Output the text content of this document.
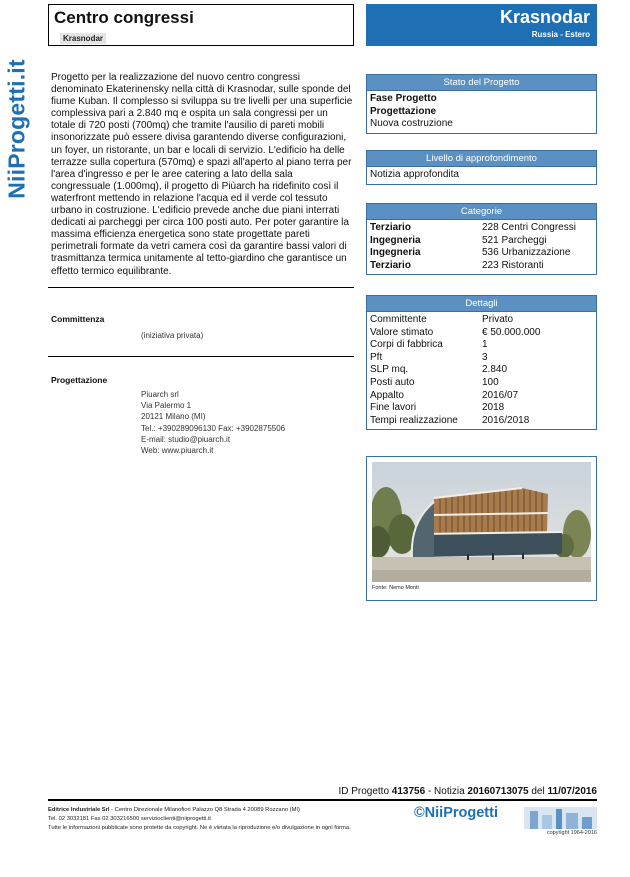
NiiProgetti.it
Centro congressi
Krasnodar
Krasnodar
Russia - Estero
Progetto per la realizzazione del nuovo centro congressi denominato Ekaterinensky nella città di Krasnodar, sulle sponde del fiume Kuban. Il complesso si sviluppa su tre livelli per una superficie complessiva pari a 2.840 mq e ospita un sala congressi per un totale di 720 posti (700mq) che tramite l'ausilio di pareti mobili insonorizzate può essere divisa garantendo diverse configurazioni, un foyer, un ristorante, un bar e locali di servizio. L'edificio ha delle terrazze sulla copertura (570mq) e spazi all'aperto al piano terra per l'area d'ingresso e per le aree catering a lato della sala congressuale (1.000mq), il progetto di Piùarch ha ridefinito così il waterfront mettendo in relazione l'acqua ed il verde col tessuto urbano in costruzione. L'edificio prevede anche due piani interrati dedicati ai parcheggi per circa 100 posti auto. Per poter garantire la massima efficienza energetica sono state progettate pareti perimetrali formate da vetri camera così da garantire bassi valori di trasmittanza termica unitamente al tetto-giardino che garantisce un effetto termico equilibrante.
Committenza
(iniziativa privata)
Progettazione
Piuarch srl
Via Palermo 1
20121 Milano (MI)
Tel.: +390289096130 Fax: +3902875506
E-mail: studio@piuarch.it
Web: www.piuarch.it
Stato del Progetto
Fase Progetto
Progettazione
Nuova costruzione
Livello di approfondimento
Notizia approfondita
Categorie
Terziario	228 Centri Congressi
Ingegneria	521 Parcheggi
Ingegneria	536 Urbanizzazione
Terziario	223 Ristoranti
Dettagli
Committente	Privato
Valore stimato	€ 50.000.000
Corpi di fabbrica	1
Pft	3
SLP mq.	2.840
Posti auto	100
Appalto	2016/07
Fine lavori	2018
Tempi realizzazione	2016/2018
Fonte: Nemo Monti
ID Progetto 413756 - Notizia 20160713075 del 11/07/2016
Editrice Industriale Srl - Centro Direzionale Milanofiori Palazzo Q8 Strada 4 20089 Rozzano (MI)
Tel. 02 3032181 Fax 02 303216500 servizioclienti@niiprogetti.it
Tutte le informazioni pubblicate sono protette da copyright. Ne è vietata la riproduzione e/o divulgazione in ogni forma.
©NiiProgetti
copyright 1964-2016
